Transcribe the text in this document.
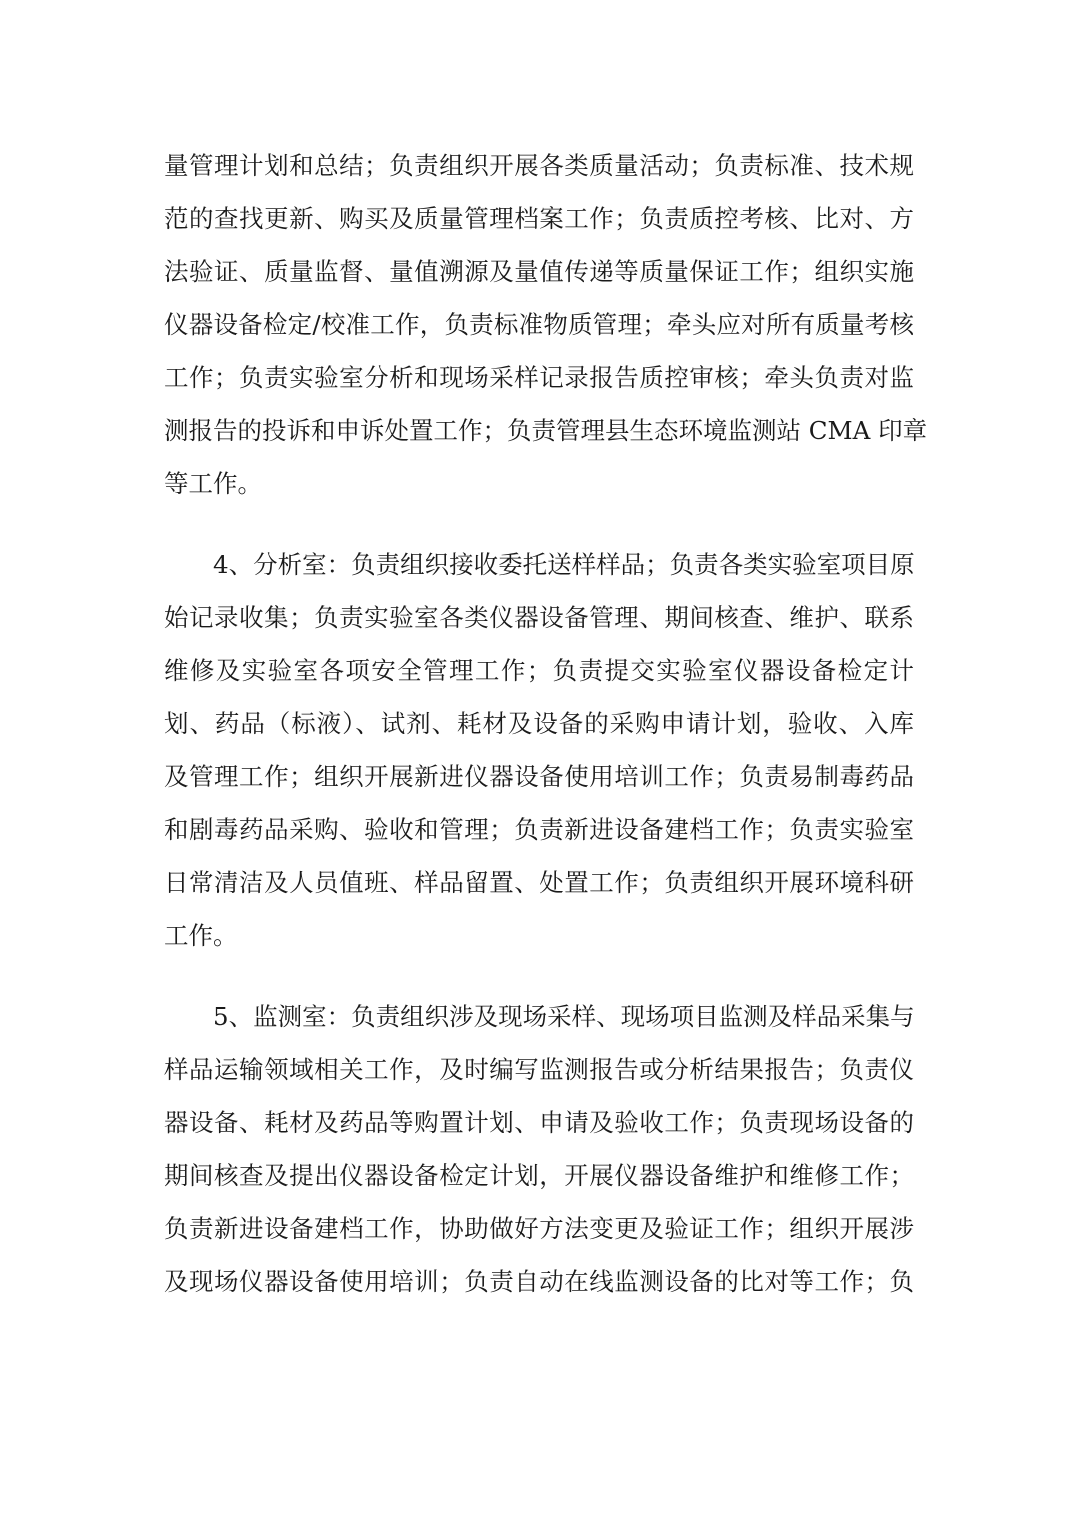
量管理计划和总结；负责组织开展各类质量活动；负责标准、技术规
范的查找更新、购买及质量管理档案工作；负责质控考核、比对、方
法验证、质量监督、量值溯源及量值传递等质量保证工作；组织实施
仪器设备检定/校准工作，负责标准物质管理；牵头应对所有质量考核
工作；负责实验室分析和现场采样记录报告质控审核；牵头负责对监
测报告的投诉和申诉处置工作；负责管理县生态环境监测站 CMA 印章
等工作。

4、分析室：负责组织接收委托送样样品；负责各类实验室项目原
始记录收集；负责实验室各类仪器设备管理、期间核查、维护、联系
维修及实验室各项安全管理工作；负责提交实验室仪器设备检定计
划、药品（标液）、试剂、耗材及设备的采购申请计划，验收、入库
及管理工作；组织开展新进仪器设备使用培训工作；负责易制毒药品
和剧毒药品采购、验收和管理；负责新进设备建档工作；负责实验室
日常清洁及人员值班、样品留置、处置工作；负责组织开展环境科研
工作。

5、监测室：负责组织涉及现场采样、现场项目监测及样品采集与
样品运输领域相关工作，及时编写监测报告或分析结果报告；负责仪
器设备、耗材及药品等购置计划、申请及验收工作；负责现场设备的
期间核查及提出仪器设备检定计划，开展仪器设备维护和维修工作；
负责新进设备建档工作，协助做好方法变更及验证工作；组织开展涉
及现场仪器设备使用培训；负责自动在线监测设备的比对等工作；负
